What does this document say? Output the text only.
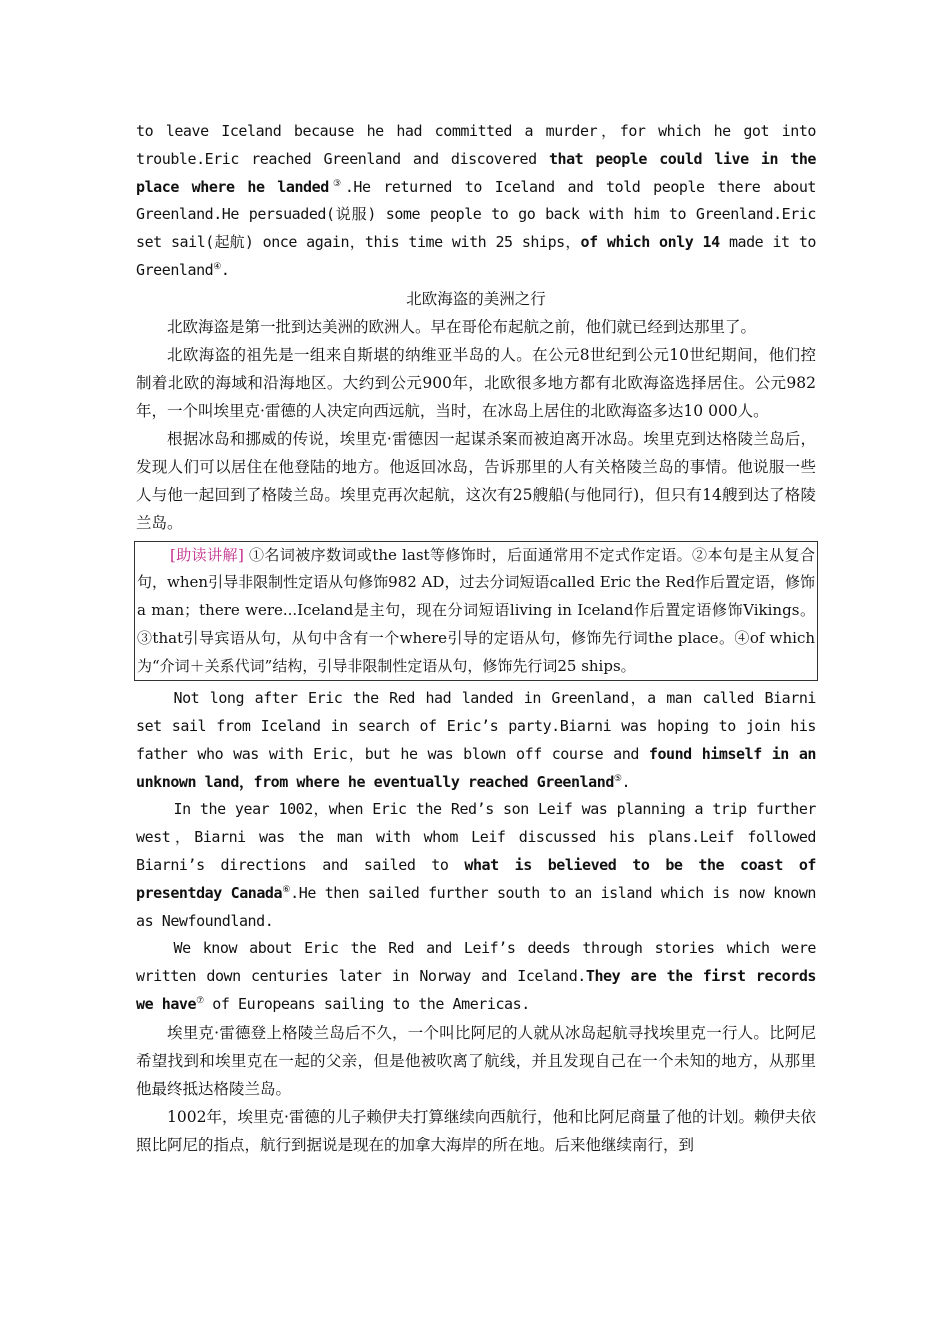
to leave Iceland because he had committed a murder，for which he got into trouble.Eric reached Greenland and discovered that people could live in the place where he landed③.He returned to Iceland and told people there about Greenland.He persuaded(说服) some people to go back with him to Greenland.Eric set sail(起航) once again，this time with 25 ships，of which only 14 made it to Greenland④.

北欧海盗的美洲之行

北欧海盗是第一批到达美洲的欧洲人。早在哥伦布起航之前，他们就已经到达那里了。

北欧海盗的祖先是一组来自斯堪的纳维亚半岛的人。在公元8世纪到公元10世纪期间，他们控制着北欧的海域和沿海地区。大约到公元900年，北欧很多地方都有北欧海盗选择居住。公元982年，一个叫埃里克·雷德的人决定向西远航，当时，在冰岛上居住的北欧海盗多达10 000人。

根据冰岛和挪威的传说，埃里克·雷德因一起谋杀案而被迫离开冰岛。埃里克到达格陵兰岛后，发现人们可以居住在他登陆的地方。他返回冰岛，告诉那里的人有关格陵兰岛的事情。他说服一些人与他一起回到了格陵兰岛。埃里克再次起航，这次有25艘船(与他同行)，但只有14艘到达了格陵兰岛。

[助读讲解] ①名词被序数词或the last等修饰时，后面通常用不定式作定语。②本句是主从复合句，when引导非限制性定语从句修饰982 AD，过去分词短语called Eric the Red作后置定语，修饰a man；there were...Iceland是主句，现在分词短语living in Iceland作后置定语修饰Vikings。③that引导宾语从句，从句中含有一个where引导的定语从句，修饰先行词the place。④of which为“介词＋关系代词”结构，引导非限制性定语从句，修饰先行词25 ships。

Not long after Eric the Red had landed in Greenland，a man called Biarni set sail from Iceland in search of Eric’s party.Biarni was hoping to join his father who was with Eric，but he was blown off course and found himself in an unknown land，from where he eventually reached Greenland⑤.

In the year 1002，when Eric the Red’s son Leif was planning a trip further west，Biarni was the man with whom Leif discussed his plans.Leif followed Biarni’s directions and sailed to what is believed to be the coast of presentday Canada⑥.He then sailed further south to an island which is now known as Newfoundland.

We know about Eric the Red and Leif’s deeds through stories which were written down centuries later in Norway and Iceland.They are the first records we have⑦ of Europeans sailing to the Americas.

埃里克·雷德登上格陵兰岛后不久，一个叫比阿尼的人就从冰岛起航寻找埃里克一行人。比阿尼希望找到和埃里克在一起的父亲，但是他被吹离了航线，并且发现自己在一个未知的地方，从那里他最终抵达格陵兰岛。

1002年，埃里克·雷德的儿子赖伊夫打算继续向西航行，他和比阿尼商量了他的计划。赖伊夫依照比阿尼的指点，航行到据说是现在的加拿大海岸的所在地。后来他继续南行，到
